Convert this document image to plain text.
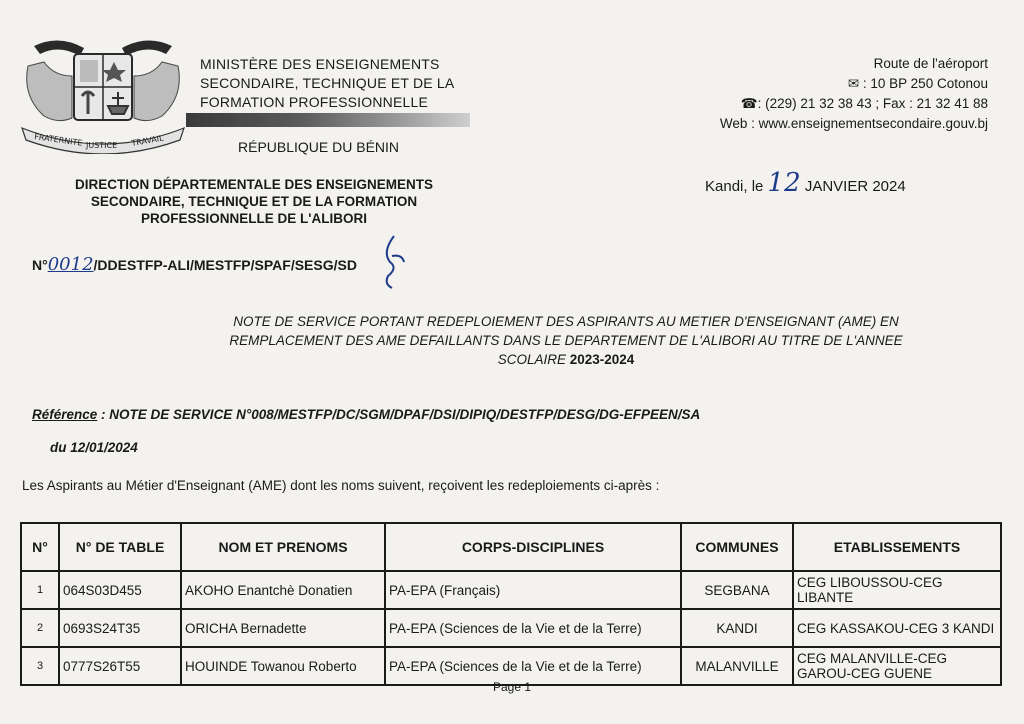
FRATERNITE JUSTICE TRAVAIL
MINISTÈRE DES ENSEIGNEMENTS
SECONDAIRE, TECHNIQUE ET DE LA
FORMATION PROFESSIONNELLE
RÉPUBLIQUE DU BÉNIN
Route de l'aéroport
✉ : 10 BP 250 Cotonou
☎: (229) 21 32 38 43 ; Fax : 21 32 41 88
Web : www.enseignementsecondaire.gouv.bj
DIRECTION DÉPARTEMENTALE DES ENSEIGNEMENTS
SECONDAIRE, TECHNIQUE ET DE LA FORMATION
PROFESSIONNELLE DE L'ALIBORI
Kandi, le 12 JANVIER 2024
N°0012/DDESTFP-ALI/MESTFP/SPAF/SESG/SD
NOTE DE SERVICE PORTANT REDEPLOIEMENT DES ASPIRANTS AU METIER D'ENSEIGNANT (AME) EN
REMPLACEMENT DES AME DEFAILLANTS DANS LE DEPARTEMENT DE L'ALIBORI AU TITRE DE L'ANNEE
SCOLAIRE 2023-2024
Référence : NOTE DE SERVICE N°008/MESTFP/DC/SGM/DPAF/DSI/DIPIQ/DESTFP/DESG/DG-EFPEEN/SA
du 12/01/2024
Les Aspirants au Métier d'Enseignant (AME) dont les noms suivent, reçoivent les redeploiements ci-après :
N°	N° DE TABLE	NOM ET PRENOMS	CORPS-DISCIPLINES	COMMUNES	ETABLISSEMENTS
1	064S03D455	AKOHO Enantchè Donatien	PA-EPA (Français)	SEGBANA	CEG LIBOUSSOU-CEG LIBANTE
2	0693S24T35	ORICHA Bernadette	PA-EPA (Sciences de la Vie et de la Terre)	KANDI	CEG KASSAKOU-CEG 3 KANDI
3	0777S26T55	HOUINDE Towanou Roberto	PA-EPA (Sciences de la Vie et de la Terre)	MALANVILLE	CEG MALANVILLE-CEG GAROU-CEG GUENE
Page 1
